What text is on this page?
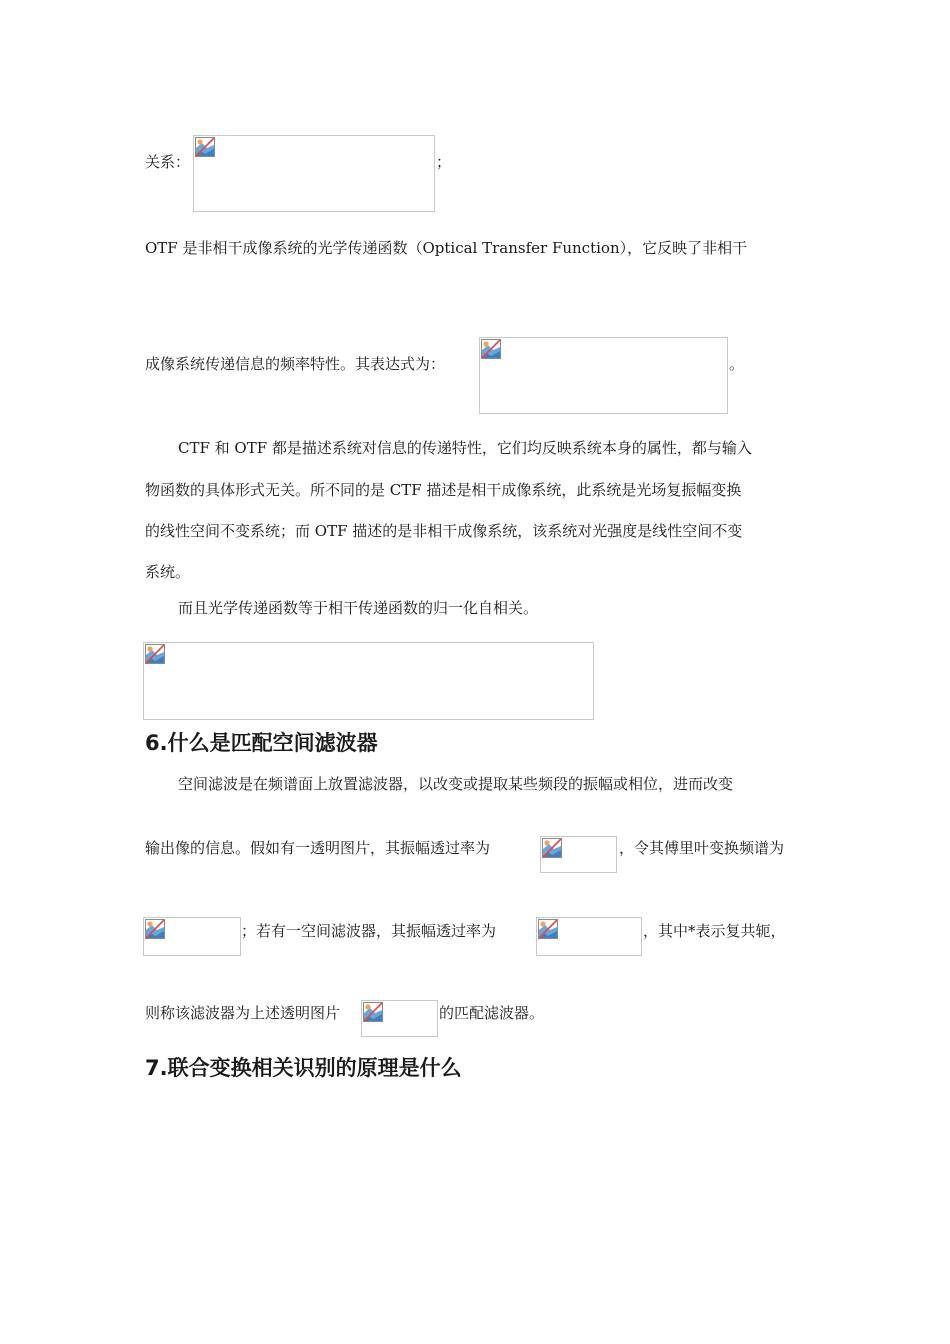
关系：	；

OTF 是非相干成像系统的光学传递函数（Optical Transfer Function），它反映了非相干

成像系统传递信息的频率特性。其表达式为：	。

CTF 和 OTF 都是描述系统对信息的传递特性，它们均反映系统本身的属性，都与输入

物函数的具体形式无关。所不同的是 CTF 描述是相干成像系统，此系统是光场复振幅变换

的线性空间不变系统；而 OTF 描述的是非相干成像系统，该系统对光强度是线性空间不变

系统。

而且光学传递函数等于相干传递函数的归一化自相关。

6.什么是匹配空间滤波器

空间滤波是在频谱面上放置滤波器，以改变或提取某些频段的振幅或相位，进而改变

输出像的信息。假如有一透明图片，其振幅透过率为	，令其傅里叶变换频谱为

；若有一空间滤波器，其振幅透过率为	，其中*表示复共轭，

则称该滤波器为上述透明图片	的匹配滤波器。

7.联合变换相关识别的原理是什么
